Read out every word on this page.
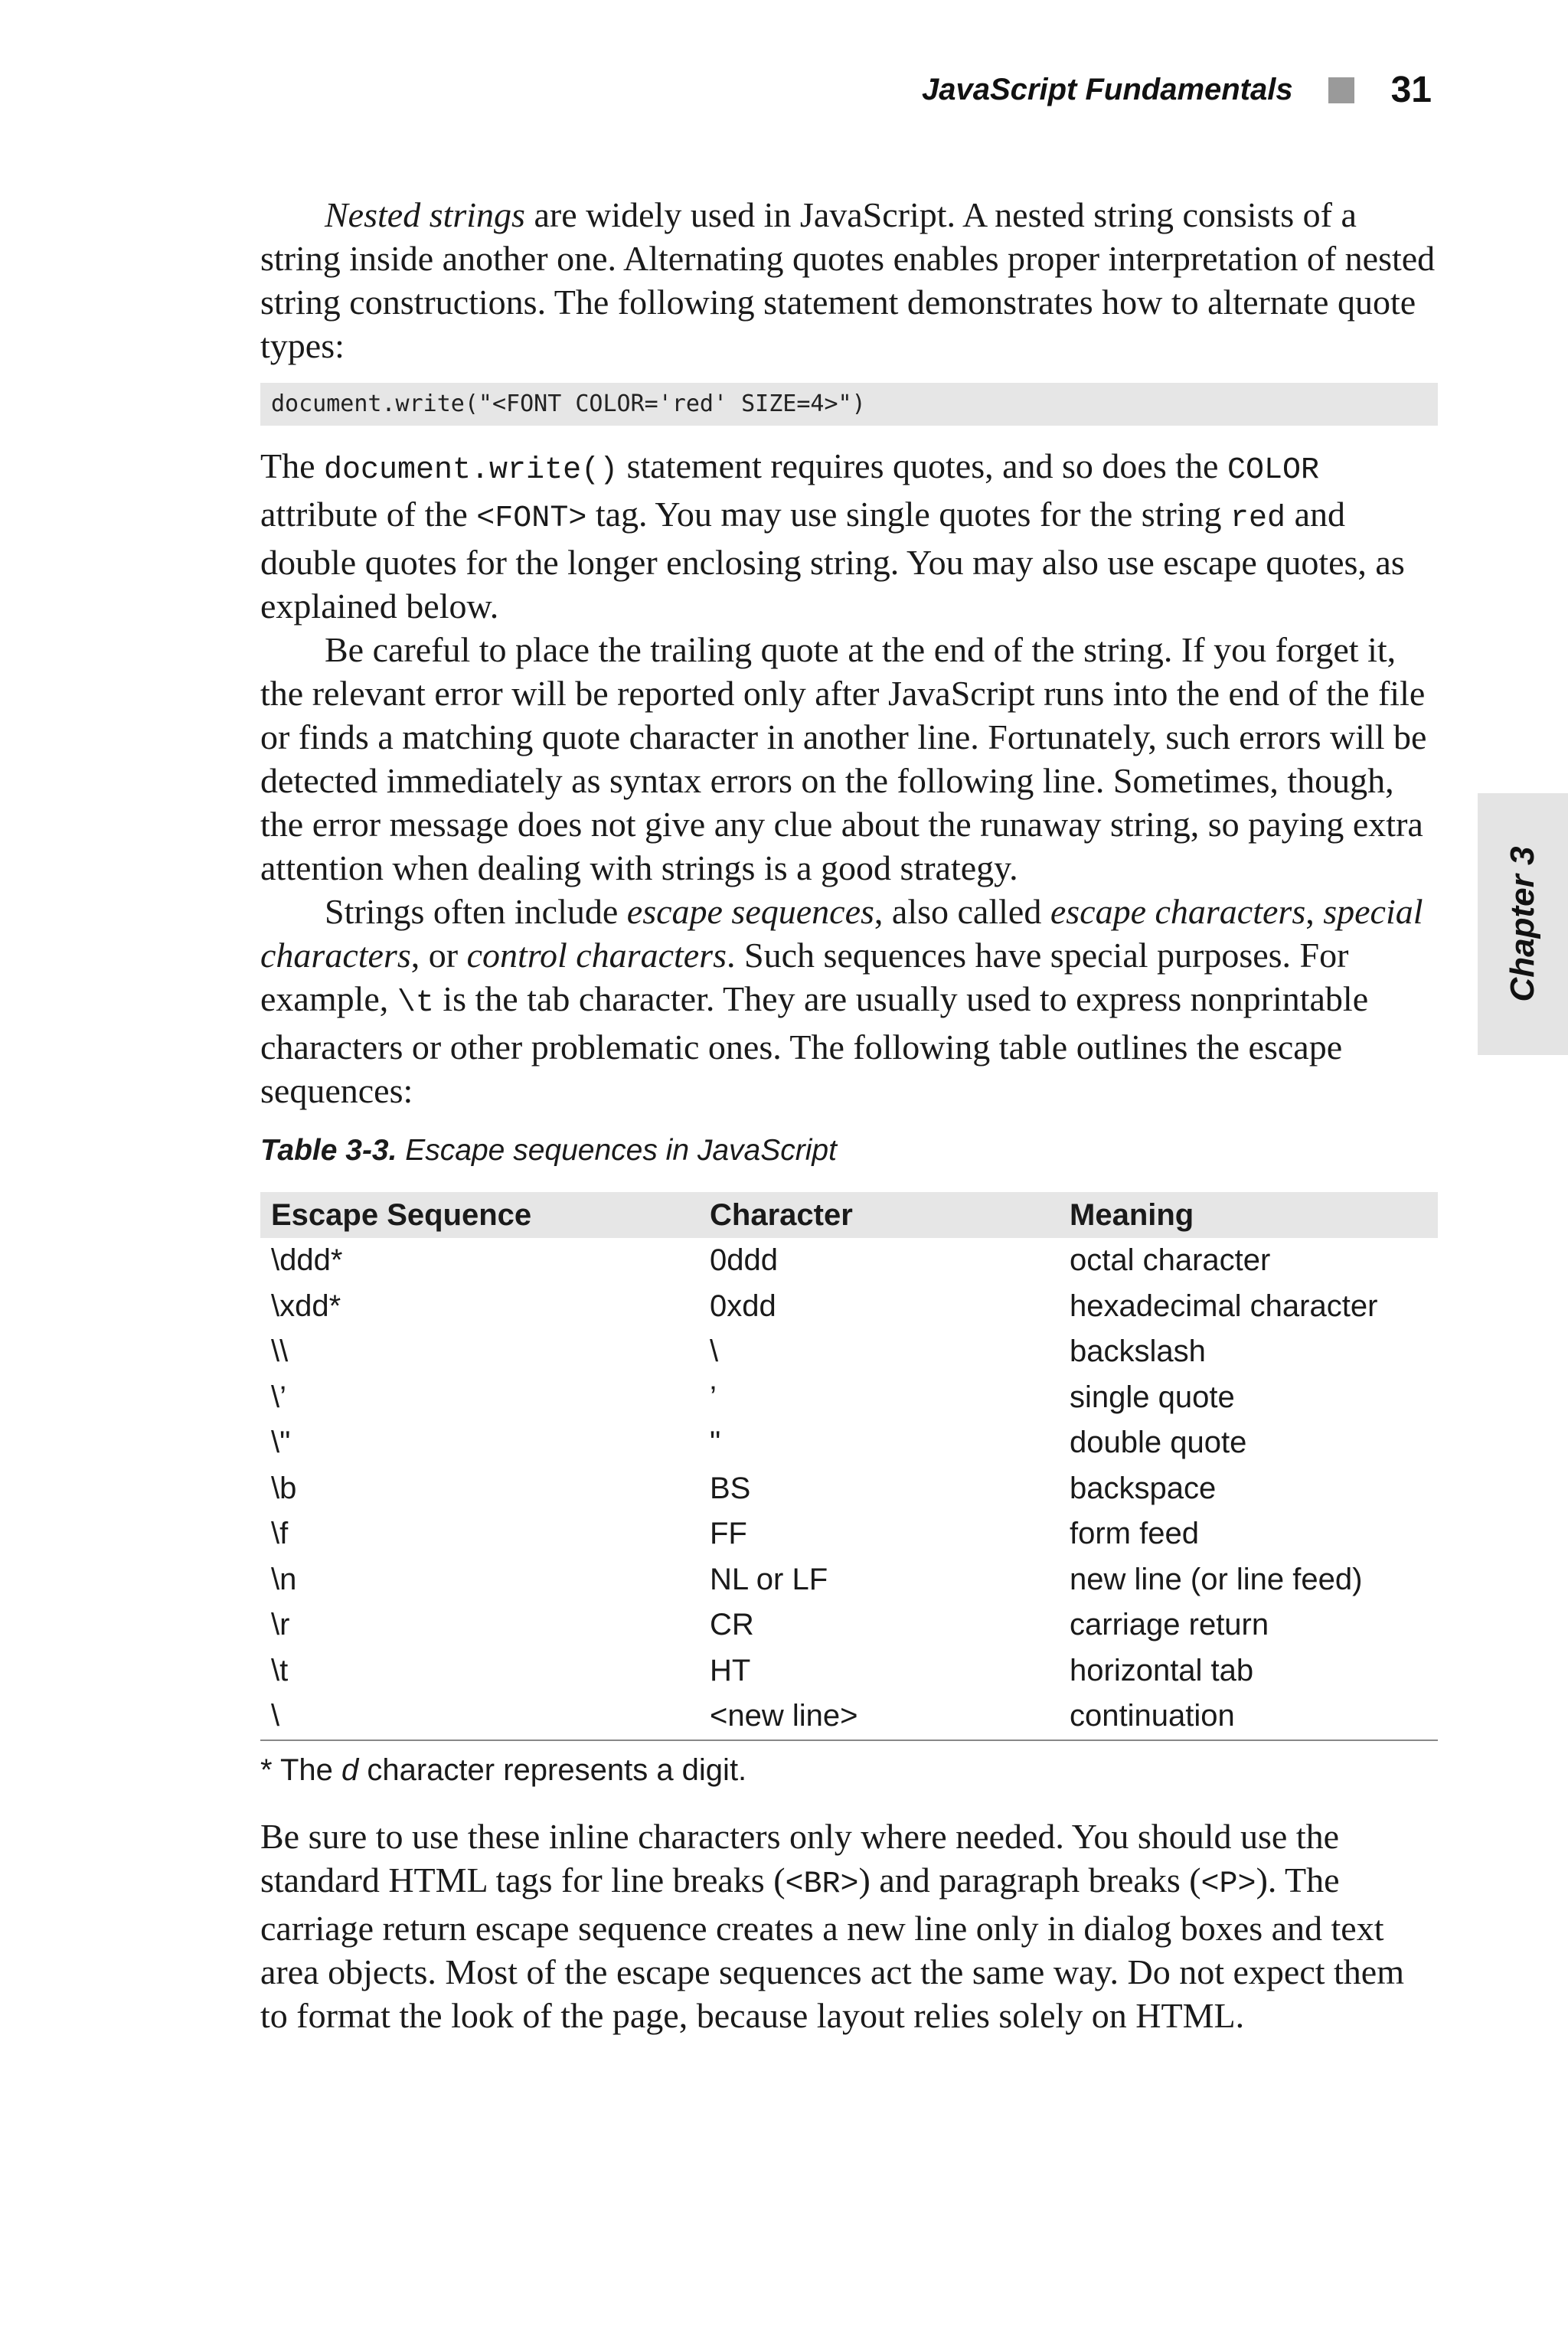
JavaScript Fundamentals	31
Chapter 3

Nested strings are widely used in JavaScript. A nested string consists of a string inside another one. Alternating quotes enables proper interpretation of nested string constructions. The following statement demonstrates how to alternate quote types:

document.write("<FONT COLOR='red' SIZE=4>")

The document.write() statement requires quotes, and so does the COLOR attribute of the <FONT> tag. You may use single quotes for the string red and double quotes for the longer enclosing string. You may also use escape quotes, as explained below.

Be careful to place the trailing quote at the end of the string. If you forget it, the relevant error will be reported only after JavaScript runs into the end of the file or finds a matching quote character in another line. Fortunately, such errors will be detected immediately as syntax errors on the following line. Sometimes, though, the error message does not give any clue about the runaway string, so paying extra attention when dealing with strings is a good strategy.

Strings often include escape sequences, also called escape characters, special characters, or control characters. Such sequences have special purposes. For example, \t is the tab character. They are usually used to express nonprintable characters or other problematic ones. The following table outlines the escape sequences:

Table 3-3. Escape sequences in JavaScript
Escape Sequence	Character	Meaning
\ddd*	0ddd	octal character
\xdd*	0xdd	hexadecimal character
\\	\	backslash
\’	’	single quote
\"	"	double quote
\b	BS	backspace
\f	FF	form feed
\n	NL or LF	new line (or line feed)
\r	CR	carriage return
\t	HT	horizontal tab
\	<new line>	continuation
* The d character represents a digit.

Be sure to use these inline characters only where needed. You should use the standard HTML tags for line breaks (<BR>) and paragraph breaks (<P>). The carriage return escape sequence creates a new line only in dialog boxes and text area objects. Most of the escape sequences act the same way. Do not expect them to format the look of the page, because layout relies solely on HTML.
